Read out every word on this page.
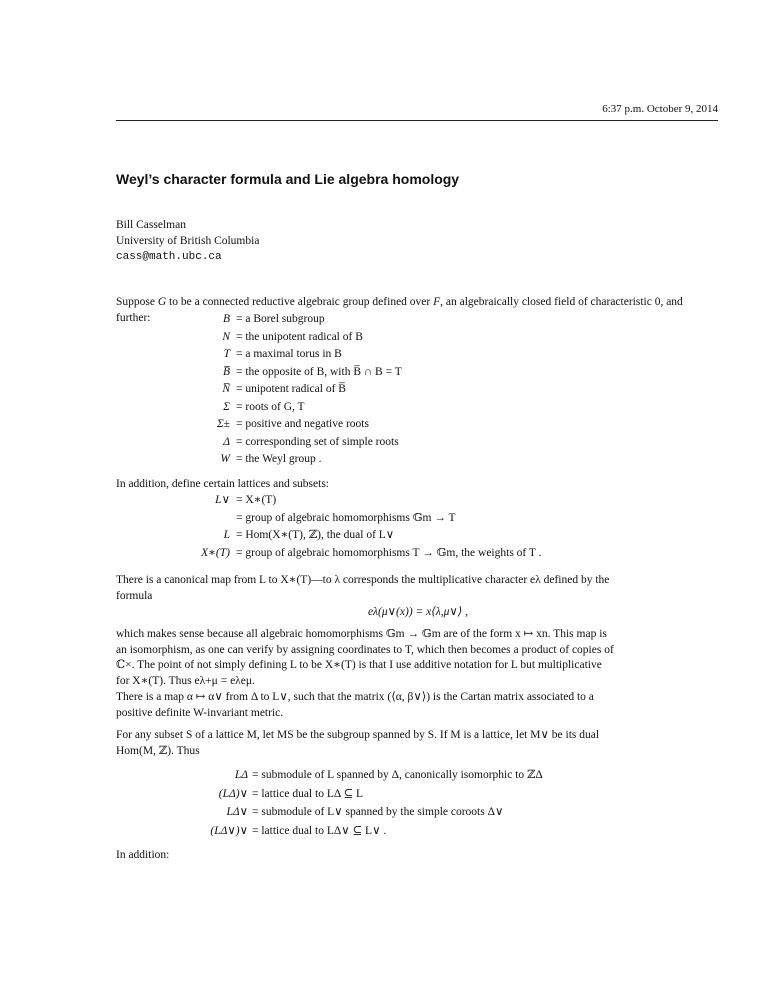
6:37 p.m. October 9, 2014
Weyl’s character formula and Lie algebra homology
Bill Casselman
University of British Columbia
cass@math.ubc.ca
Suppose G to be a connected reductive algebraic group defined over F, an algebraically closed field of characteristic 0, and further:	B = a Borel subgroup
N = the unipotent radical of B
T = a maximal torus in B
B̅ = the opposite of B, with B̅ ∩ B = T
N̅ = unipotent radical of B̅
Σ = roots of G, T
Σ± = positive and negative roots
Δ = corresponding set of simple roots
W = the Weyl group .
In addition, define certain lattices and subsets:
L∨ = X∗(T)
= group of algebraic homomorphisms 𝔾m → T
L = Hom(X∗(T), ℤ), the dual of L∨
X∗(T) = group of algebraic homomorphisms T → 𝔾m, the weights of T .
There is a canonical map from L to X∗(T)—to λ corresponds the multiplicative character eλ defined by the
formula
eλ(μ∨(x)) = x⟨λ,μ∨⟩ ,
which makes sense because all algebraic homomorphisms 𝔾m → 𝔾m are of the form x ↦ xn. This map is
an isomorphism, as one can verify by assigning coordinates to T, which then becomes a product of copies of
ℂ×. The point of not simply defining L to be X∗(T) is that I use additive notation for L but multiplicative
for X∗(T). Thus eλ+μ = eλeμ.
There is a map α ↦ α∨ from Δ to L∨, such that the matrix (⟨α, β∨⟩) is the Cartan matrix associated to a
positive definite W-invariant metric.
For any subset S of a lattice M, let MS be the subgroup spanned by S. If M is a lattice, let M∨ be its dual
Hom(M, ℤ). Thus
LΔ = submodule of L spanned by Δ, canonically isomorphic to ℤΔ
(LΔ)∨ = lattice dual to LΔ ⊆ L
LΔ∨ = submodule of L∨ spanned by the simple coroots Δ∨
(LΔ∨)∨ = lattice dual to LΔ∨ ⊆ L∨ .
In addition:
